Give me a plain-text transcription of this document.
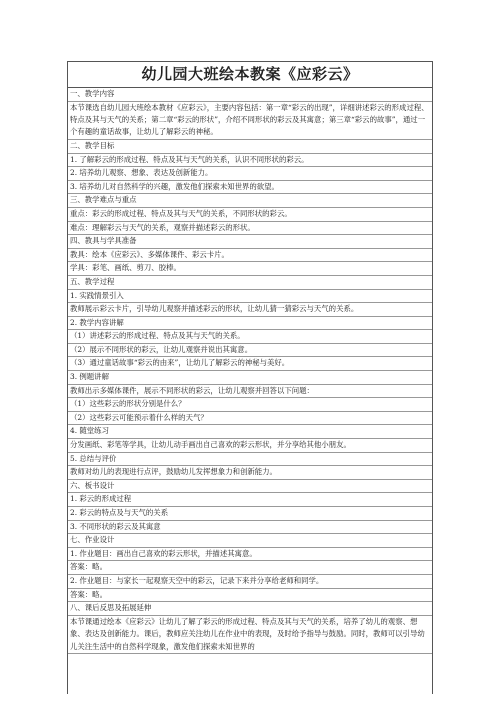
幼儿园大班绘本教案《应彩云》
一、教学内容
本节课选自幼儿园大班绘本教材《应彩云》，主要内容包括：第一章“彩云的出现”，详细讲述彩云的形成过程、特点及其与天气的关系；第二章“彩云的形状”，介绍不同形状的彩云及其寓意；第三章“彩云的故事”，通过一个有趣的童话故事，让幼儿了解彩云的神秘。
二、教学目标
1. 了解彩云的形成过程、特点及其与天气的关系，认识不同形状的彩云。
2. 培养幼儿观察、想象、表达及创新能力。
3. 培养幼儿对自然科学的兴趣，激发他们探索未知世界的欲望。
三、教学难点与重点
重点：彩云的形成过程、特点及其与天气的关系，不同形状的彩云。
难点：理解彩云与天气的关系，观察并描述彩云的形状。
四、教具与学具准备
教具：绘本《应彩云》、多媒体课件、彩云卡片。
学具：彩笔、画纸、剪刀、胶棒。
五、教学过程
1. 实践情景引入
教师展示彩云卡片，引导幼儿观察并描述彩云的形状，让幼儿猜一猜彩云与天气的关系。
2. 教学内容讲解
（1）讲述彩云的形成过程、特点及其与天气的关系。
（2）展示不同形状的彩云，让幼儿观察并说出其寓意。
（3）通过童话故事“彩云的由来”，让幼儿了解彩云的神秘与美好。
3. 例题讲解
教师出示多媒体课件，展示不同形状的彩云，让幼儿观察并回答以下问题：
（1）这些彩云的形状分别是什么？
（2）这些彩云可能预示着什么样的天气？
4. 随堂练习
分发画纸、彩笔等学具，让幼儿动手画出自己喜欢的彩云形状，并分享给其他小朋友。
5. 总结与评价
教师对幼儿的表现进行点评，鼓励幼儿发挥想象力和创新能力。
六、板书设计
1. 彩云的形成过程
2. 彩云的特点及与天气的关系
3. 不同形状的彩云及其寓意
七、作业设计
1. 作业题目：画出自己喜欢的彩云形状，并描述其寓意。
答案：略。
2. 作业题目：与家长一起观察天空中的彩云，记录下来并分享给老师和同学。
答案：略。
八、课后反思及拓展延伸
本节课通过绘本《应彩云》让幼儿了解了彩云的形成过程、特点及其与天气的关系，培养了幼儿的观察、想象、表达及创新能力。课后，教师应关注幼儿在作业中的表现，及时给予指导与鼓励。同时，教师可以引导幼儿关注生活中的自然科学现象，激发他们探索未知世界的
